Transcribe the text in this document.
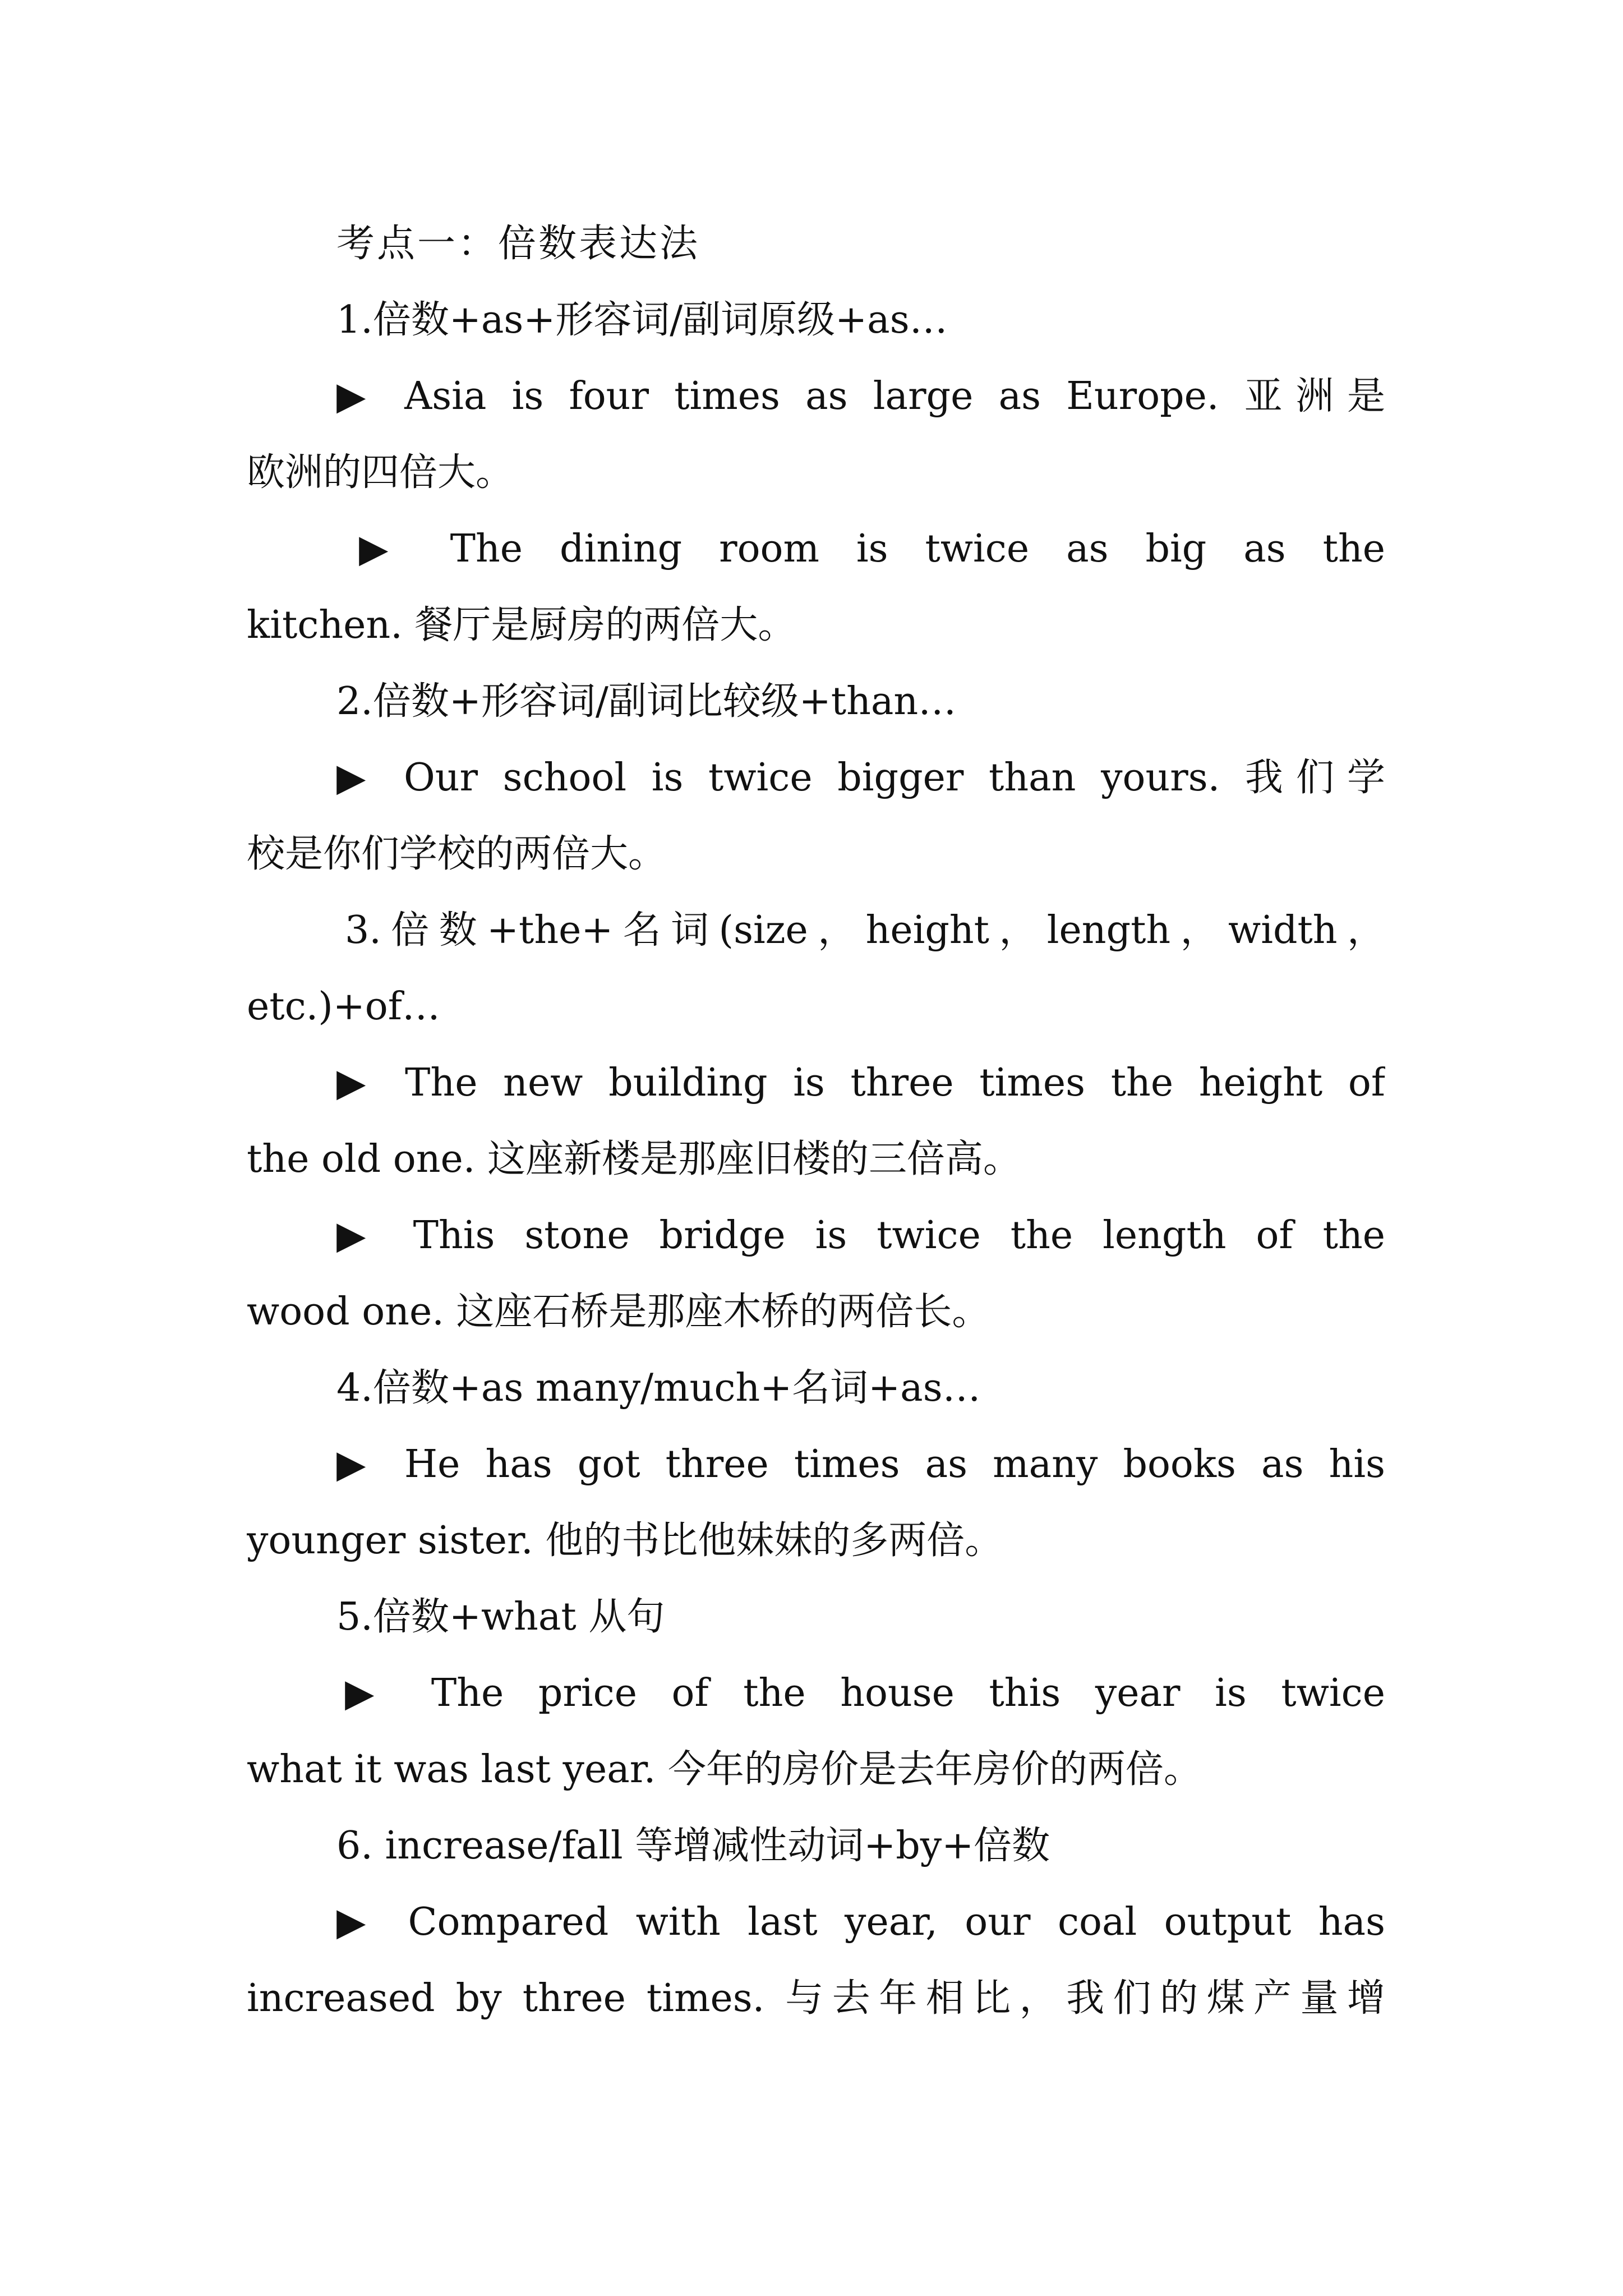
考点一：倍数表达法
1.倍数+as+形容词/副词原级+as…
▶ Asia is four times as large as Europe. 亚洲是
欧洲的四倍大。
▶ The dining room is twice as big as the
kitchen. 餐厅是厨房的两倍大。
2.倍数+形容词/副词比较级+than…
▶ Our school is twice bigger than yours. 我们学
校是你们学校的两倍大。
3.倍数+the+名词(size，height，length，width，
etc.)+of…
▶ The new building is three times the height of
the old one. 这座新楼是那座旧楼的三倍高。
▶ This stone bridge is twice the length of the
wood one. 这座石桥是那座木桥的两倍长。
4.倍数+as many/much+名词+as…
▶ He has got three times as many books as his
younger sister. 他的书比他妹妹的多两倍。
5.倍数+what 从句
▶ The price of the house this year is twice
what it was last year. 今年的房价是去年房价的两倍。
6. increase/fall 等增减性动词+by+倍数
▶ Compared with last year, our coal output has
increased by three times. 与去年相比，我们的煤产量增
